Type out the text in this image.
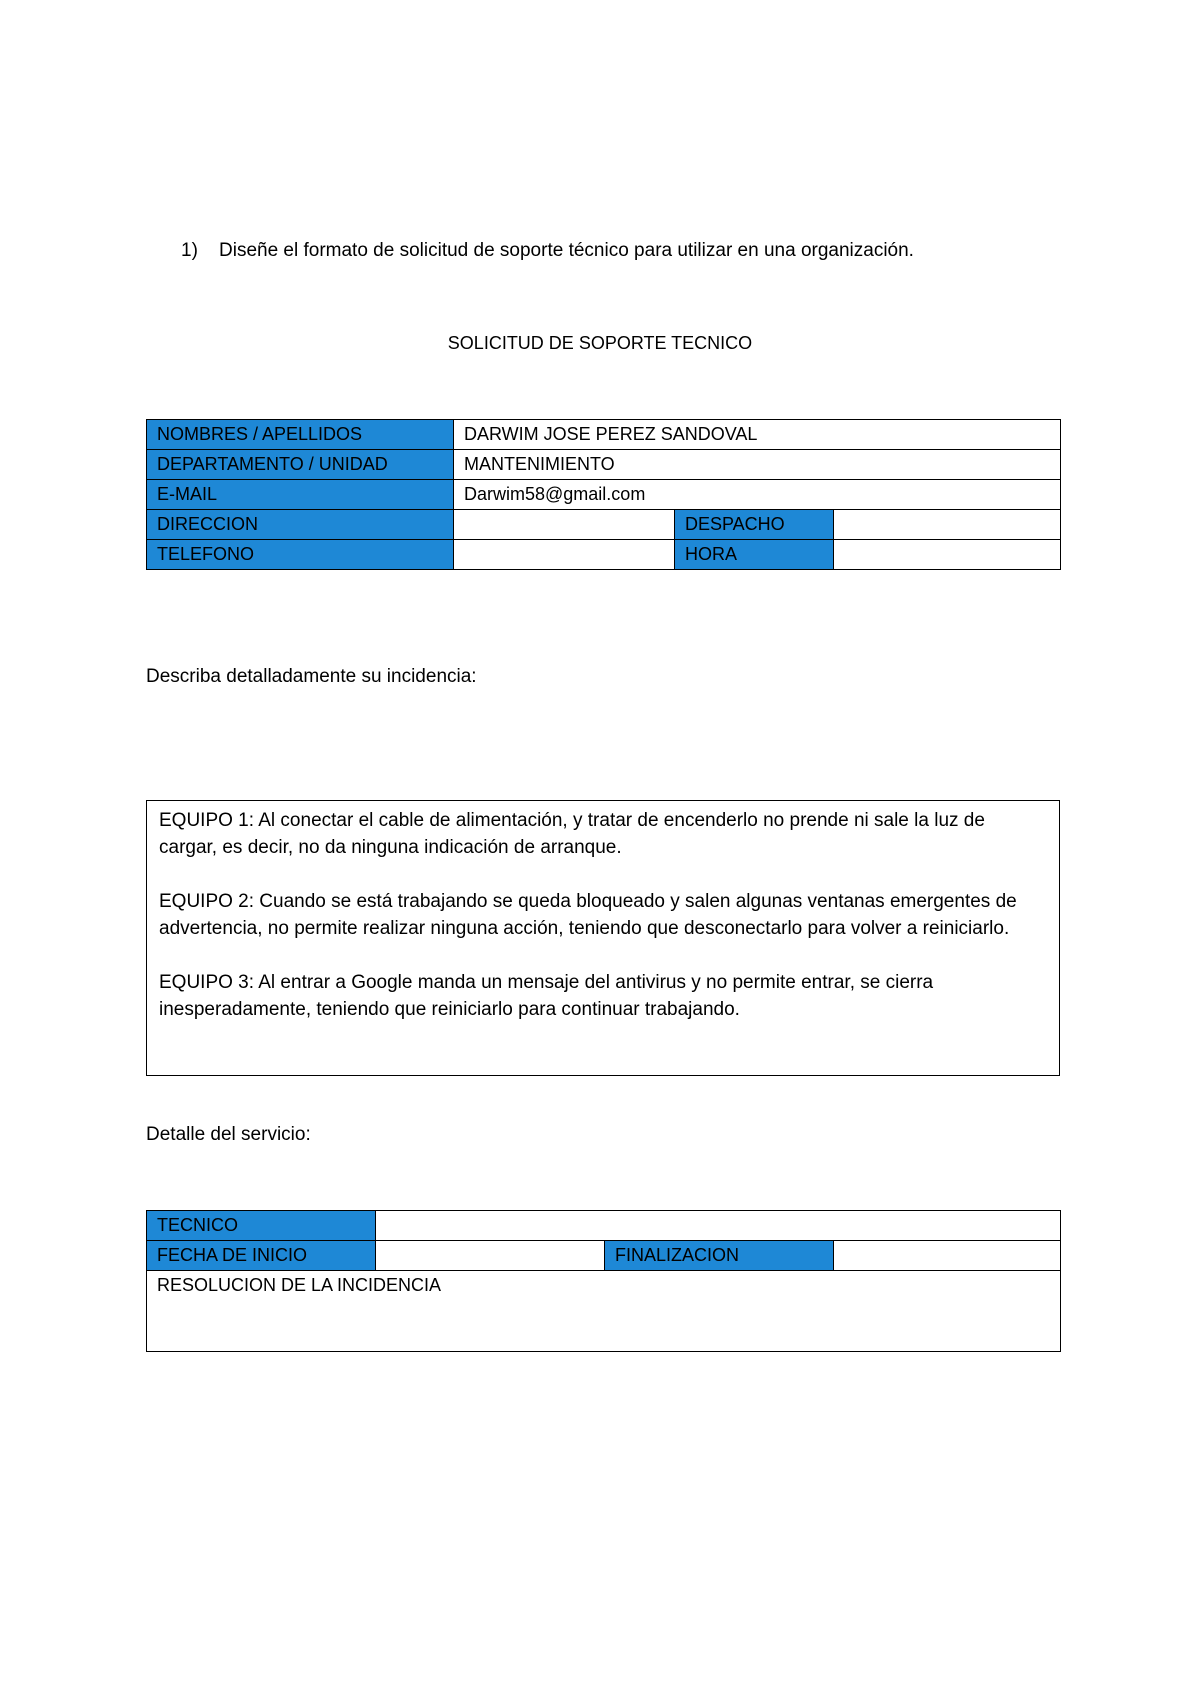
1) Diseñe el formato de solicitud de soporte técnico para utilizar en una organización.
SOLICITUD DE SOPORTE TECNICO
NOMBRES / APELLIDOS	DARWIM JOSE PEREZ SANDOVAL		
DEPARTAMENTO / UNIDAD	MANTENIMIENTO		
E-MAIL	Darwim58@gmail.com		
DIRECCION		DESPACHO	
TELEFONO		HORA	
Describa detalladamente su incidencia:

EQUIPO 1: Al conectar el cable de alimentación, y tratar de encenderlo no prende ni sale la luz de cargar, es decir, no da ninguna indicación de arranque.

EQUIPO 2: Cuando se está trabajando se queda bloqueado y salen algunas ventanas emergentes de advertencia, no permite realizar ninguna acción, teniendo que desconectarlo para volver a reiniciarlo.

EQUIPO 3: Al entrar a Google manda un mensaje del antivirus y no permite entrar, se cierra inesperadamente, teniendo que reiniciarlo para continuar trabajando.

Detalle del servicio:
TECNICO			
FECHA DE INICIO		FINALIZACION	
RESOLUCION DE LA INCIDENCIA			
